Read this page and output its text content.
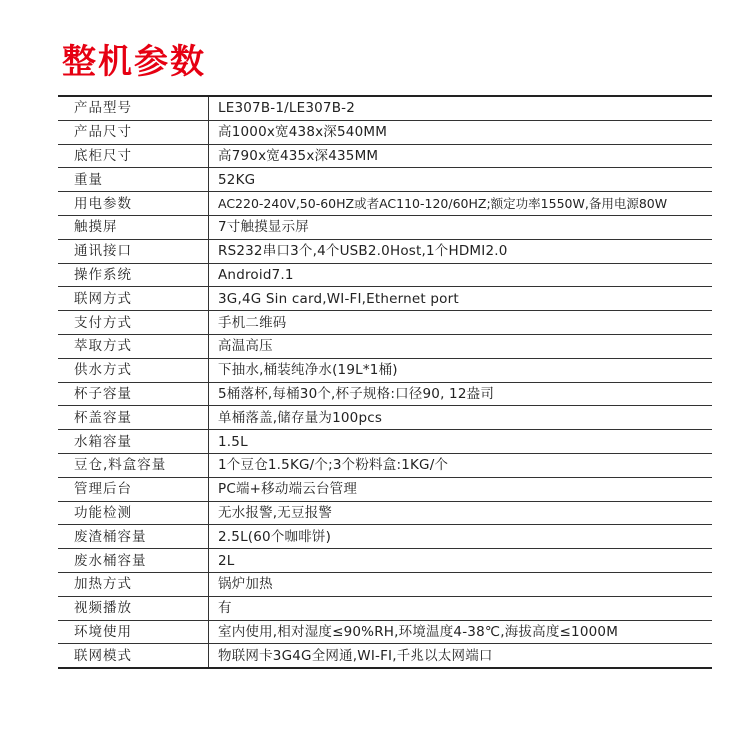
整机参数
产品型号	LE307B-1/LE307B-2
产品尺寸	高1000x宽438x深540MM
底柜尺寸	高790x宽435x深435MM
重量	52KG
用电参数	AC220-240V,50-60HZ或者AC110-120/60HZ;额定功率1550W,备用电源80W
触摸屏	7寸触摸显示屏
通讯接口	RS232串口3个,4个USB2.0Host,1个HDMI2.0
操作系统	Android7.1
联网方式	3G,4G Sin card,WI-FI,Ethernet port
支付方式	手机二维码
萃取方式	高温高压
供水方式	下抽水,桶装纯净水(19L*1桶)
杯子容量	5桶落杯,每桶30个,杯子规格:口径90, 12盎司
杯盖容量	单桶落盖,储存量为100pcs
水箱容量	1.5L
豆仓,料盒容量	1个豆仓1.5KG/个;3个粉料盒:1KG/个
管理后台	PC端+移动端云台管理
功能检测	无水报警,无豆报警
废渣桶容量	2.5L(60个咖啡饼)
废水桶容量	2L
加热方式	锅炉加热
视频播放	有
环境使用	室内使用,相对湿度≤90%RH,环境温度4-38℃,海拔高度≤1000M
联网模式	物联网卡3G4G全网通,WI-FI,千兆以太网端口
